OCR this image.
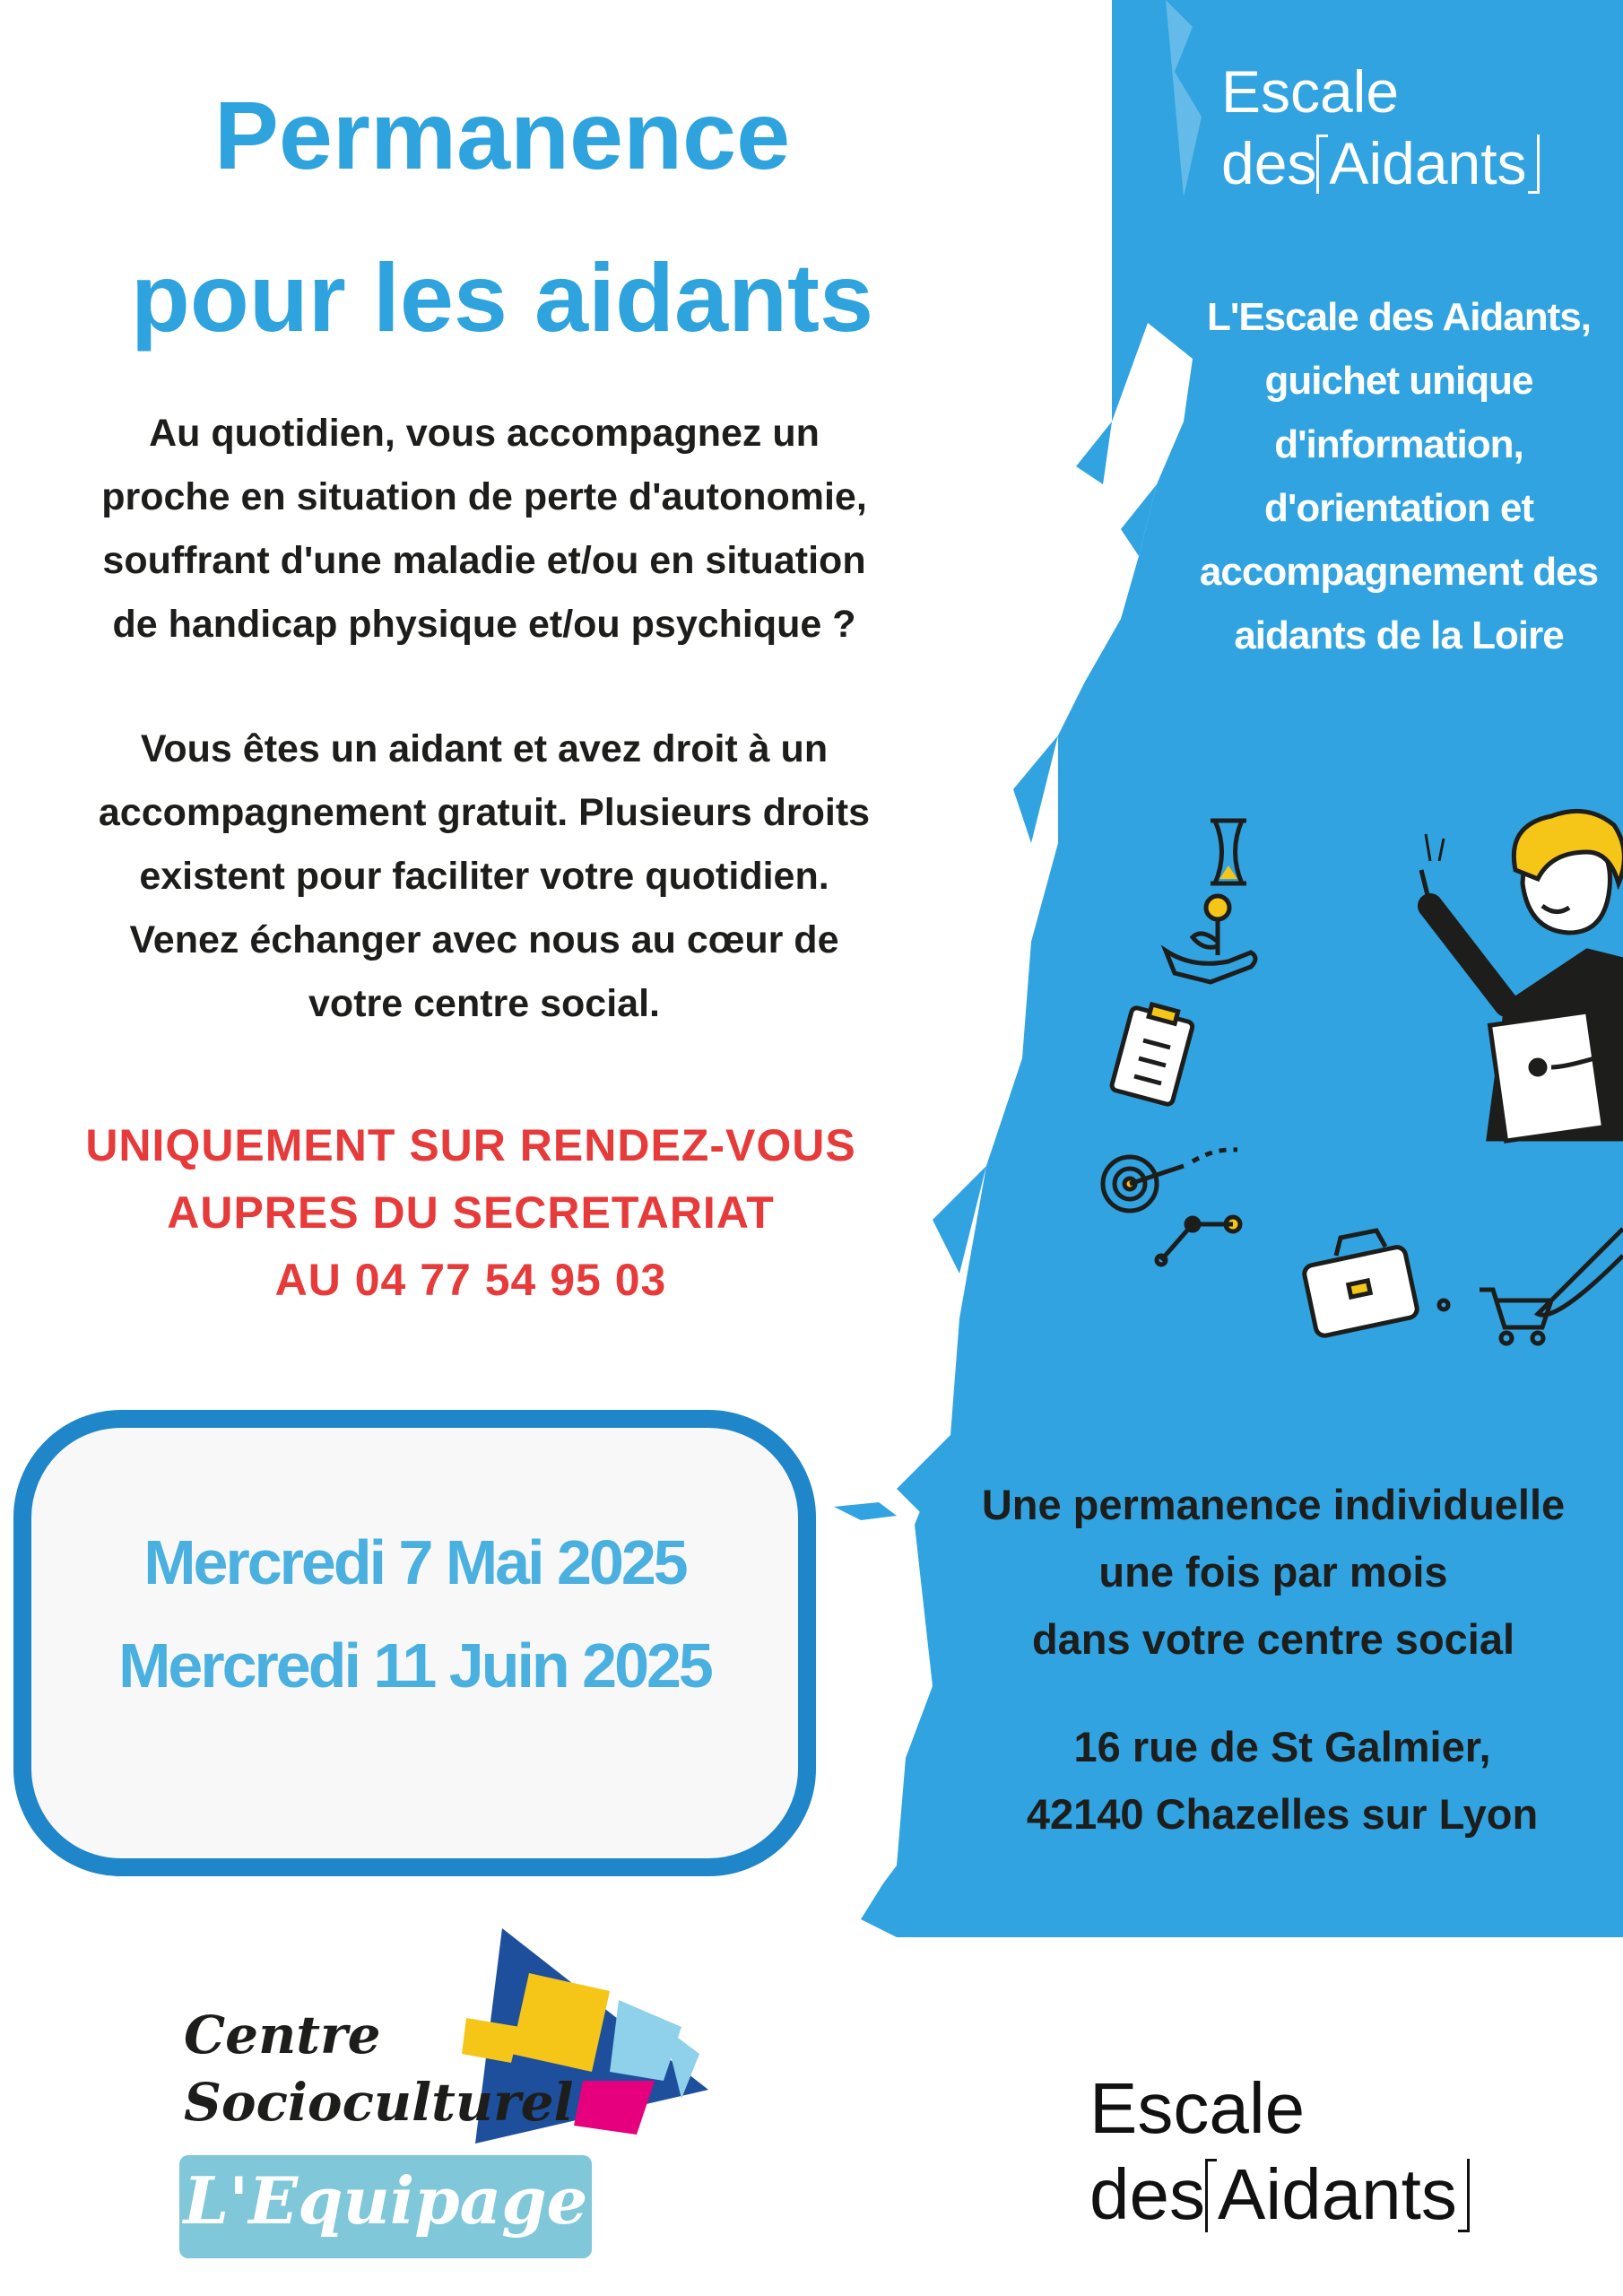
Permanence
pour les aidants
Au quotidien, vous accompagnez un
proche en situation de perte d'autonomie,
souffrant d'une maladie et/ou en situation
de handicap physique et/ou psychique ?
Vous êtes un aidant et avez droit à un
accompagnement gratuit. Plusieurs droits
existent pour faciliter votre quotidien.
Venez échanger avec nous au cœur de
votre centre social.
UNIQUEMENT SUR RENDEZ-VOUS
AUPRES DU SECRETARIAT
AU 04 77 54 95 03
Mercredi 7 Mai 2025
Mercredi 11 Juin 2025
Escale
des Aidants
L'Escale des Aidants,
guichet unique
d'information,
d'orientation et
accompagnement des
aidants de la Loire
Une permanence individuelle
une fois par mois
dans votre centre social
16 rue de St Galmier,
42140 Chazelles sur Lyon
Centre
Socioculturel
L'Equipage
Escale
des Aidants
